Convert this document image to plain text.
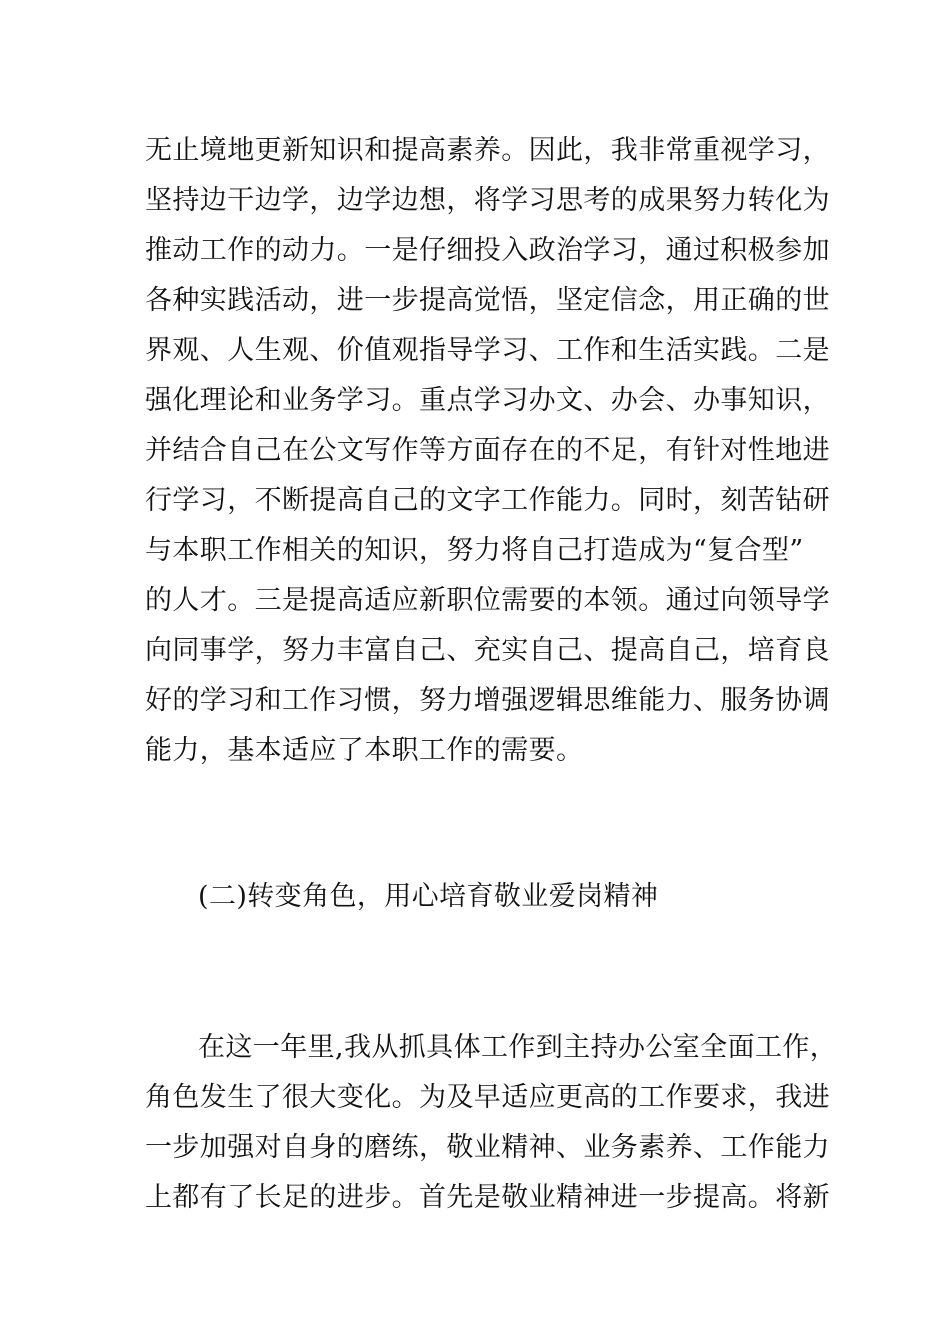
无止境地更新知识和提高素养。因此，我非常重视学习，
坚持边干边学，边学边想，将学习思考的成果努力转化为
推动工作的动力。一是仔细投入政治学习，通过积极参加
各种实践活动，进一步提高觉悟，坚定信念，用正确的世
界观、人生观、价值观指导学习、工作和生活实践。二是
强化理论和业务学习。重点学习办文、办会、办事知识，
并结合自己在公文写作等方面存在的不足，有针对性地进
行学习，不断提高自己的文字工作能力。同时，刻苦钻研
与本职工作相关的知识，努力将自己打造成为“复合型”
的人才。三是提高适应新职位需要的本领。通过向领导学
向同事学，努力丰富自己、充实自己、提高自己，培育良
好的学习和工作习惯，努力增强逻辑思维能力、服务协调
能力，基本适应了本职工作的需要。
(二)转变角色，用心培育敬业爱岗精神
在这一年里,我从抓具体工作到主持办公室全面工作，
角色发生了很大变化。为及早适应更高的工作要求，我进
一步加强对自身的磨练，敬业精神、业务素养、工作能力
上都有了长足的进步。首先是敬业精神进一步提高。将新
